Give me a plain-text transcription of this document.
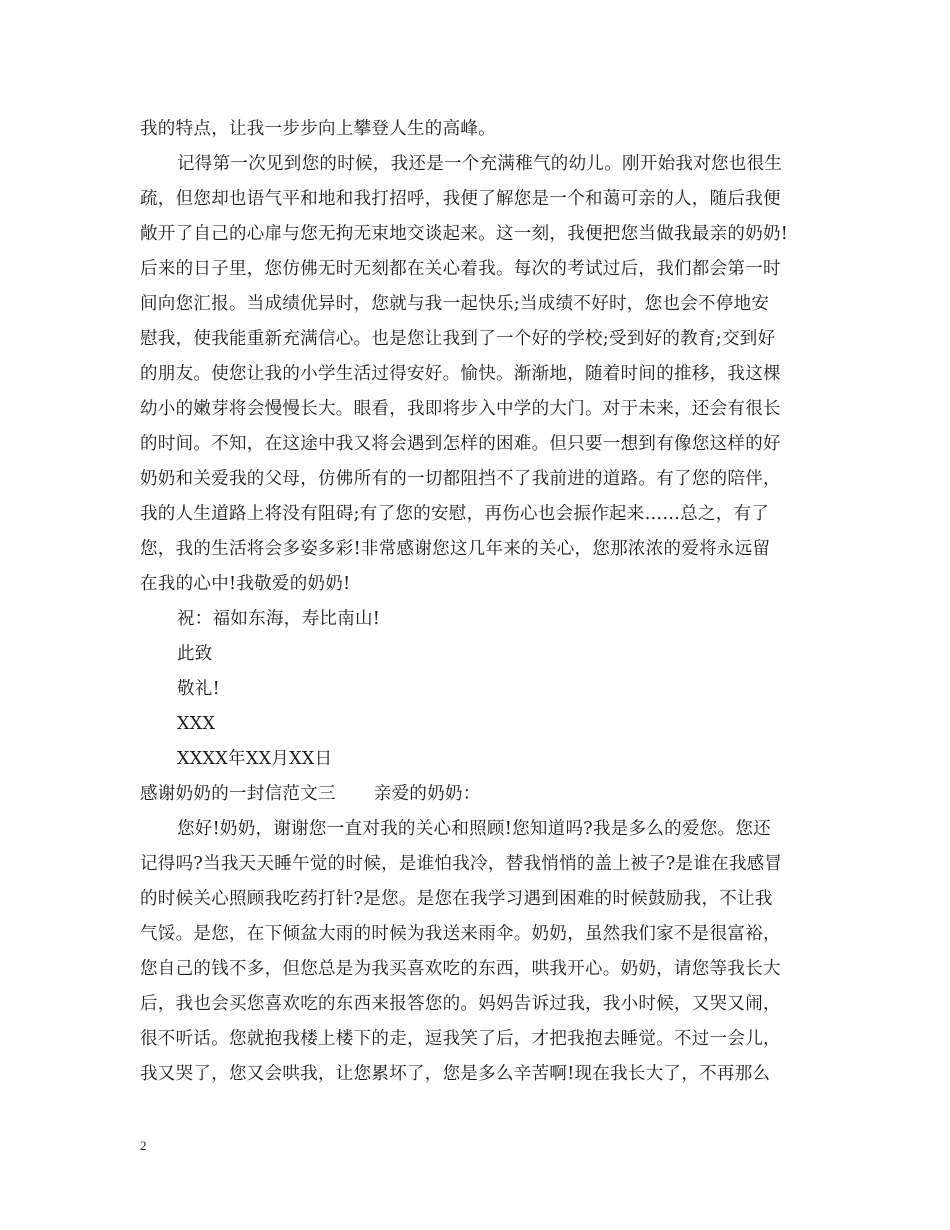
我的特点，让我一步步向上攀登人生的高峰。
记得第一次见到您的时候，我还是一个充满稚气的幼儿。刚开始我对您也很生
疏，但您却也语气平和地和我打招呼，我便了解您是一个和蔼可亲的人，随后我便
敞开了自己的心扉与您无拘无束地交谈起来。这一刻，我便把您当做我最亲的奶奶!
后来的日子里，您仿佛无时无刻都在关心着我。每次的考试过后，我们都会第一时
间向您汇报。当成绩优异时，您就与我一起快乐;当成绩不好时，您也会不停地安
慰我，使我能重新充满信心。也是您让我到了一个好的学校;受到好的教育;交到好
的朋友。使您让我的小学生活过得安好。愉快。渐渐地，随着时间的推移，我这棵
幼小的嫩芽将会慢慢长大。眼看，我即将步入中学的大门。对于未来，还会有很长
的时间。不知，在这途中我又将会遇到怎样的困难。但只要一想到有像您这样的好
奶奶和关爱我的父母，仿佛所有的一切都阻挡不了我前进的道路。有了您的陪伴，
我的人生道路上将没有阻碍;有了您的安慰，再伤心也会振作起来……总之，有了
您，我的生活将会多姿多彩!非常感谢您这几年来的关心，您那浓浓的爱将永远留
在我的心中!我敬爱的奶奶!
祝：福如东海，寿比南山!
此致
敬礼!
XXX
XXXX年XX月XX日
感谢奶奶的一封信范文三 亲爱的奶奶：
您好!奶奶，谢谢您一直对我的关心和照顾!您知道吗?我是多么的爱您。您还
记得吗?当我天天睡午觉的时候，是谁怕我冷，替我悄悄的盖上被子?是谁在我感冒
的时候关心照顾我吃药打针?是您。是您在我学习遇到困难的时候鼓励我，不让我
气馁。是您，在下倾盆大雨的时候为我送来雨伞。奶奶，虽然我们家不是很富裕，
您自己的钱不多，但您总是为我买喜欢吃的东西，哄我开心。奶奶，请您等我长大
后，我也会买您喜欢吃的东西来报答您的。妈妈告诉过我，我小时候，又哭又闹，
很不听话。您就抱我楼上楼下的走，逗我笑了后，才把我抱去睡觉。不过一会儿，
我又哭了，您又会哄我，让您累坏了，您是多么辛苦啊!现在我长大了，不再那么
2
